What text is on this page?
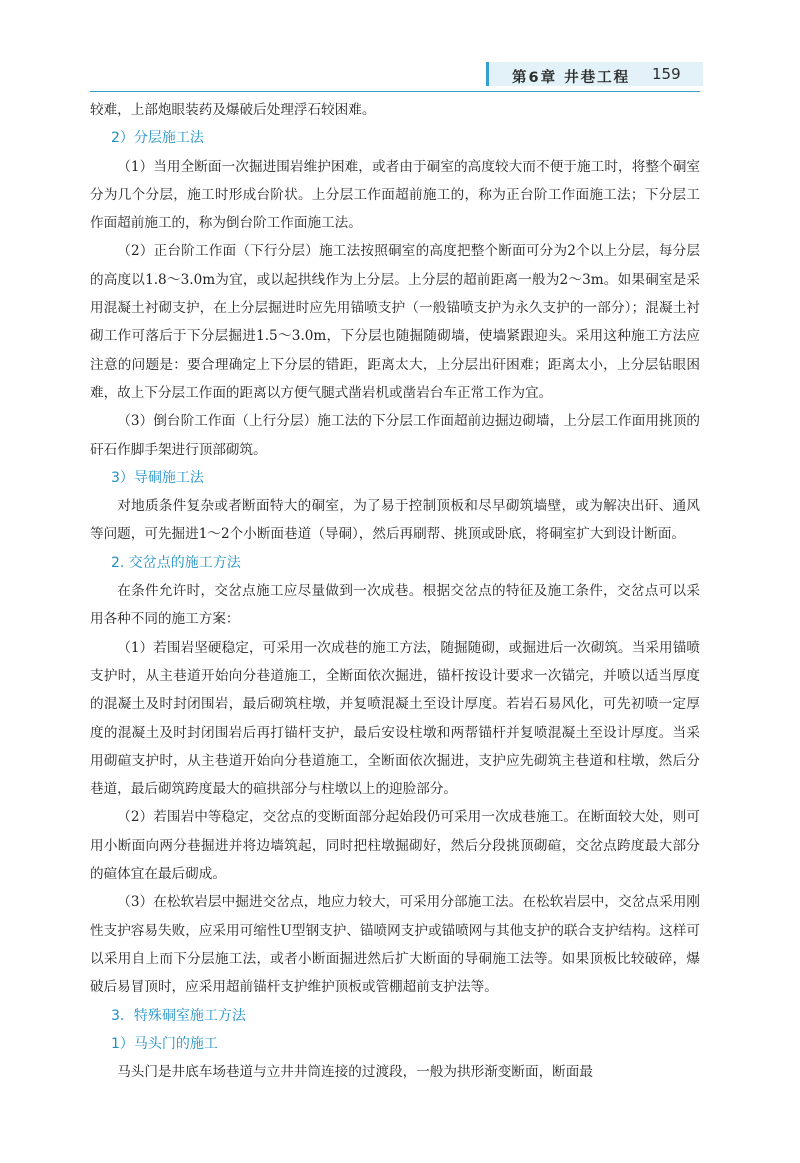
第6章 井巷工程 159

较难，上部炮眼装药及爆破后处理浮石较困难。

2）分层施工法

（1）当用全断面一次掘进围岩维护困难，或者由于硐室的高度较大而不便于施工时，将整个硐室分为几个分层，施工时形成台阶状。上分层工作面超前施工的，称为正台阶工作面施工法；下分层工作面超前施工的，称为倒台阶工作面施工法。

（2）正台阶工作面（下行分层）施工法按照硐室的高度把整个断面可分为2个以上分层，每分层的高度以1.8～3.0m为宜，或以起拱线作为上分层。上分层的超前距离一般为2～3m。如果硐室是采用混凝土衬砌支护，在上分层掘进时应先用锚喷支护（一般锚喷支护为永久支护的一部分）；混凝土衬砌工作可落后于下分层掘进1.5～3.0m，下分层也随掘随砌墙，使墙紧跟迎头。采用这种施工方法应注意的问题是：要合理确定上下分层的错距，距离太大，上分层出矸困难；距离太小，上分层钻眼困难，故上下分层工作面的距离以方便气腿式凿岩机或凿岩台车正常工作为宜。

（3）倒台阶工作面（上行分层）施工法的下分层工作面超前边掘边砌墙，上分层工作面用挑顶的矸石作脚手架进行顶部砌筑。

3）导硐施工法

对地质条件复杂或者断面特大的硐室，为了易于控制顶板和尽早砌筑墙壁，或为解决出矸、通风等问题，可先掘进1～2个小断面巷道（导硐），然后再刷帮、挑顶或卧底，将硐室扩大到设计断面。

2. 交岔点的施工方法

在条件允许时，交岔点施工应尽量做到一次成巷。根据交岔点的特征及施工条件，交岔点可以采用各种不同的施工方案：

（1）若围岩坚硬稳定，可采用一次成巷的施工方法，随掘随砌，或掘进后一次砌筑。当采用锚喷支护时，从主巷道开始向分巷道施工，全断面依次掘进，锚杆按设计要求一次锚完，并喷以适当厚度的混凝土及时封闭围岩，最后砌筑柱墩，并复喷混凝土至设计厚度。若岩石易风化，可先初喷一定厚度的混凝土及时封闭围岩后再打锚杆支护，最后安设柱墩和两帮锚杆并复喷混凝土至设计厚度。当采用砌碹支护时，从主巷道开始向分巷道施工，全断面依次掘进，支护应先砌筑主巷道和柱墩，然后分巷道，最后砌筑跨度最大的碹拱部分与柱墩以上的迎脸部分。

（2）若围岩中等稳定，交岔点的变断面部分起始段仍可采用一次成巷施工。在断面较大处，则可用小断面向两分巷掘进并将边墙筑起，同时把柱墩掘砌好，然后分段挑顶砌碹，交岔点跨度最大部分的碹体宜在最后砌成。

（3）在松软岩层中掘进交岔点，地应力较大，可采用分部施工法。在松软岩层中，交岔点采用刚性支护容易失败，应采用可缩性U型钢支护、锚喷网支护或锚喷网与其他支护的联合支护结构。这样可以采用自上而下分层施工法，或者小断面掘进然后扩大断面的导硐施工法等。如果顶板比较破碎，爆破后易冒顶时，应采用超前锚杆支护维护顶板或管棚超前支护法等。

3．特殊硐室施工方法

1）马头门的施工

马头门是井底车场巷道与立井井筒连接的过渡段，一般为拱形渐变断面，断面最
